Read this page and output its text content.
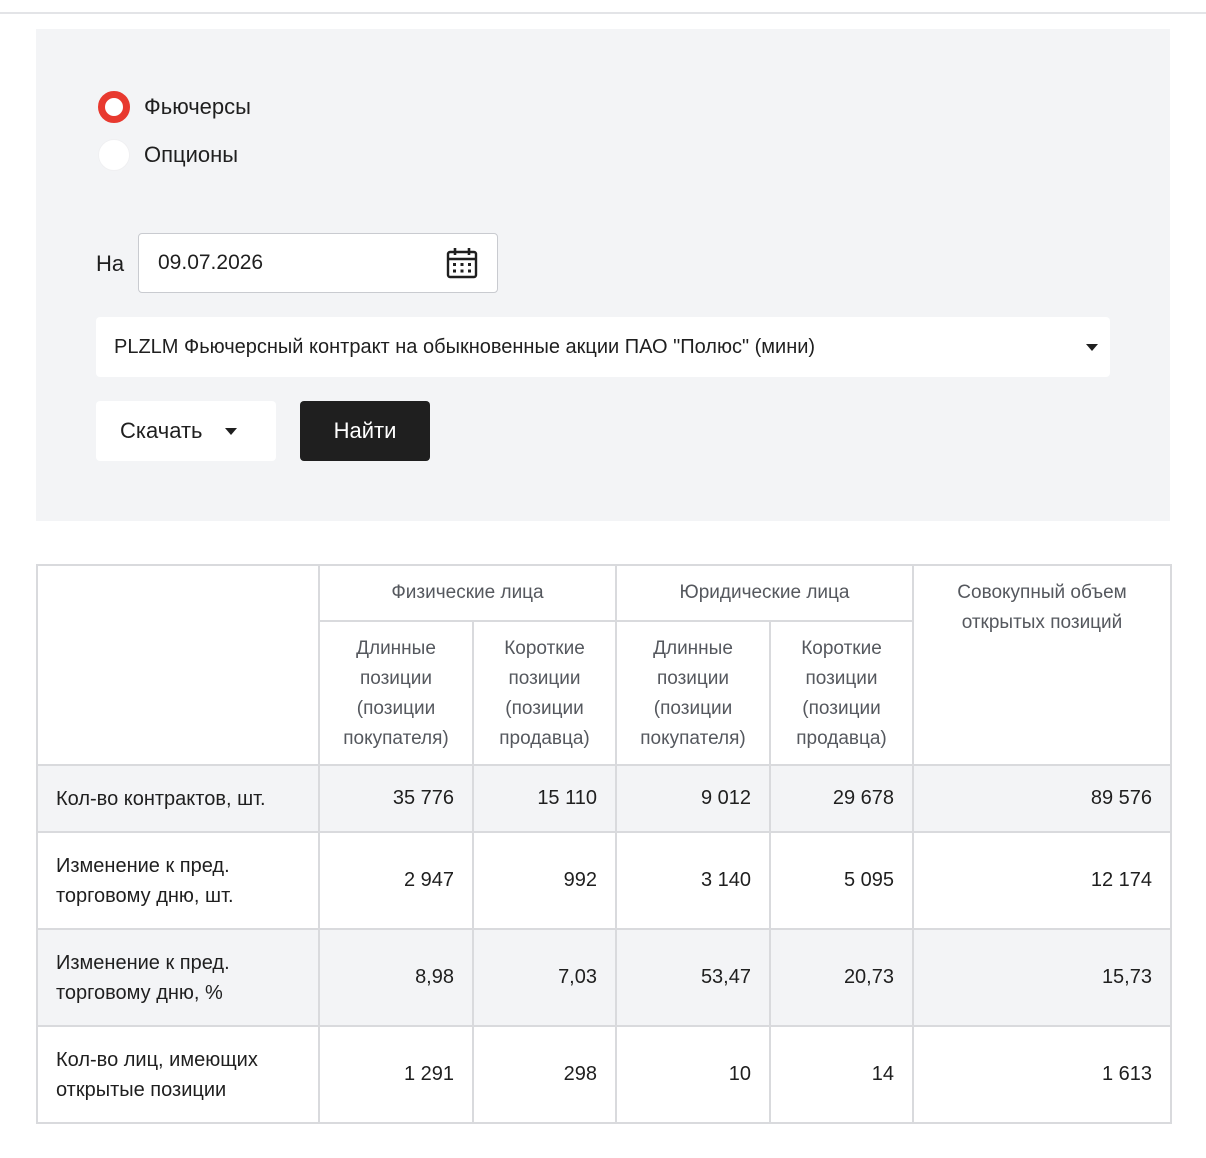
Фьючерсы
Опционы
На 09.07.2026
PLZLM Фьючерсный контракт на обыкновенные акции ПАО "Полюс" (мини)
Скачать	Найти
	Физические лица		Юридические лица		Совокупный объем открытых позиций
	Длинные позиции (позиции покупателя)	Короткие позиции (позиции продавца)	Длинные позиции (позиции покупателя)	Короткие позиции (позиции продавца)	
Кол-во контрактов, шт.	35 776	15 110	9 012	29 678	89 576
Изменение к пред. торговому дню, шт.	2 947	992	3 140	5 095	12 174
Изменение к пред. торговому дню, %	8,98	7,03	53,47	20,73	15,73
Кол-во лиц, имеющих открытые позиции	1 291	298	10	14	1 613
